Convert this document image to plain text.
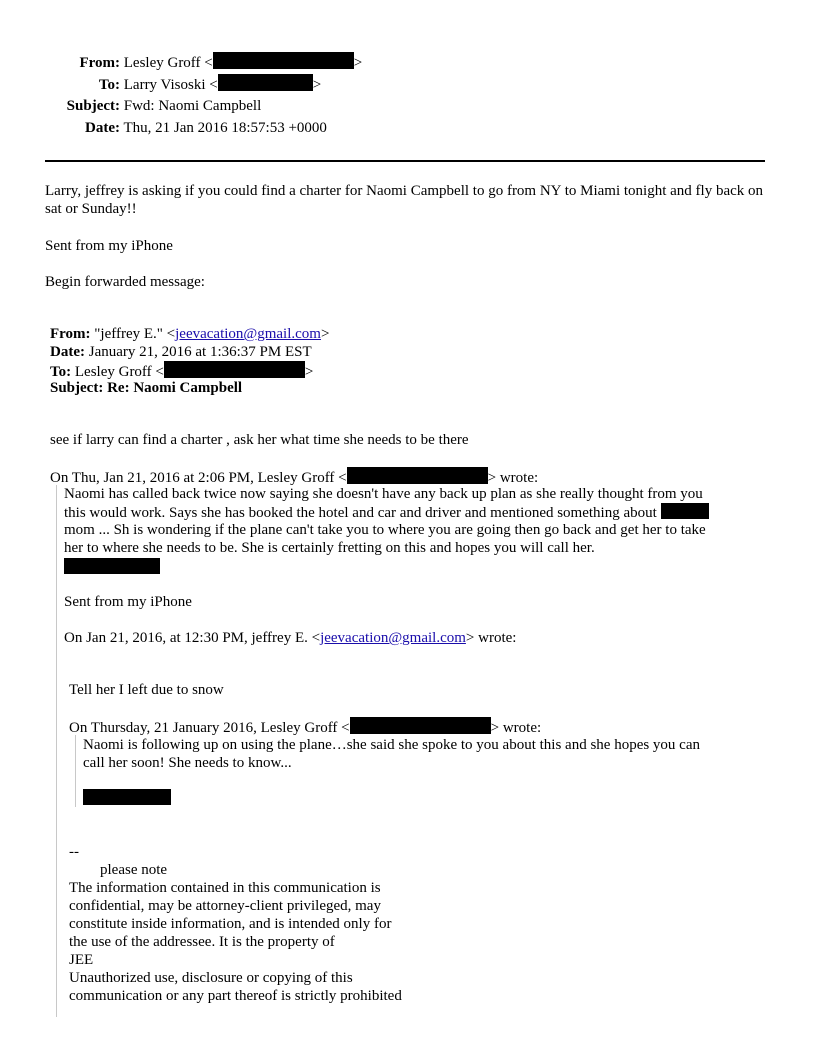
From: Lesley Groff <	>
To: Larry Visoski <	>
Subject: Fwd: Naomi Campbell
Date: Thu, 21 Jan 2016 18:57:53 +0000
Larry, jeffrey is asking if you could find a charter for Naomi Campbell to go from NY to Miami tonight and fly back on sat or Sunday!!
Sent from my iPhone
Begin forwarded message:
From: "jeffrey E." <jeevacation@gmail.com>
Date: January 21, 2016 at 1:36:37 PM EST
To: Lesley Groff <	>
Subject: Re: Naomi Campbell
see if larry can find a charter , ask her what time she needs to be there
On Thu, Jan 21, 2016 at 2:06 PM, Lesley Groff <	> wrote:
Naomi has called back twice now saying she doesn't have any back up plan as she really thought from you
this would work. Says she has booked the hotel and car and driver and mentioned something about
mom ... Sh is wondering if the plane can't take you to where you are going then go back and get her to take
her to where she needs to be. She is certainly fretting on this and hopes you will call her.
Sent from my iPhone
On Jan 21, 2016, at 12:30 PM, jeffrey E. <jeevacation@gmail.com> wrote:
Tell her I left due to snow
On Thursday, 21 January 2016, Lesley Groff <	> wrote:
Naomi is following up on using the plane…she said she spoke to you about this and she hopes you can
call her soon! She needs to know...
--
please note
The information contained in this communication is
confidential, may be attorney-client privileged, may
constitute inside information, and is intended only for
the use of the addressee. It is the property of
JEE
Unauthorized use, disclosure or copying of this
communication or any part thereof is strictly prohibited
